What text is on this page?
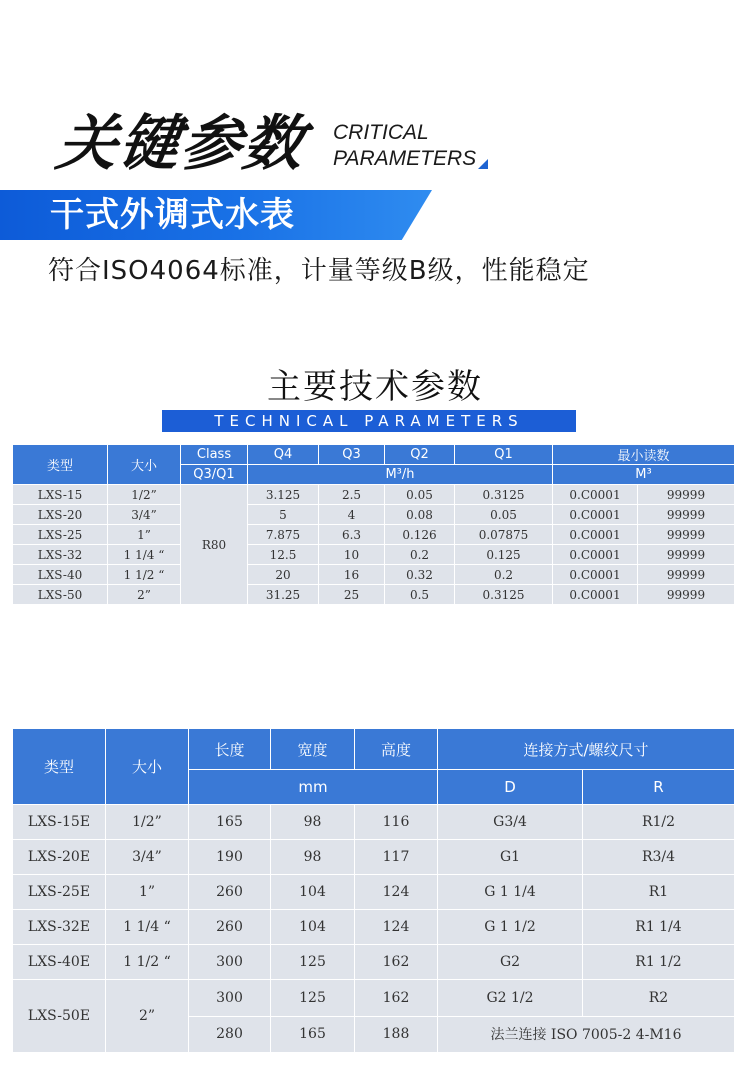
关键参数 CRITICAL
PARAMETERS
干式外调式水表
符合ISO4064标准，计量等级B级，性能稳定
主要技术参数
TECHNICAL PARAMETERS
类型	大小	Class	Q4	Q3	Q2	Q1	最小读数	
		Q3/Q1	M³/h				M³	
LXS-15	1/2”	R80	3.125	2.5	0.05	0.3125	0.C0001	99999
LXS-20	3/4”		5	4	0.08	0.05	0.C0001	99999
LXS-25	1”		7.875	6.3	0.126	0.07875	0.C0001	99999
LXS-32	1 1/4 “		12.5	10	0.2	0.125	0.C0001	99999
LXS-40	1 1/2 “		20	16	0.32	0.2	0.C0001	99999
LXS-50	2”		31.25	25	0.5	0.3125	0.C0001	99999
类型	大小	长度	宽度	高度	连接方式/螺纹尺寸	
		mm			D	R
LXS-15E	1/2”	165	98	116	G3/4	R1/2
LXS-20E	3/4”	190	98	117	G1	R3/4
LXS-25E	1”	260	104	124	G 1 1/4	R1
LXS-32E	1 1/4 “	260	104	124	G 1 1/2	R1 1/4
LXS-40E	1 1/2 “	300	125	162	G2	R1 1/2
LXS-50E	2”	300	125	162	G2 1/2	R2
		280	165	188	法兰连接 ISO 7005-2 4-M16	
